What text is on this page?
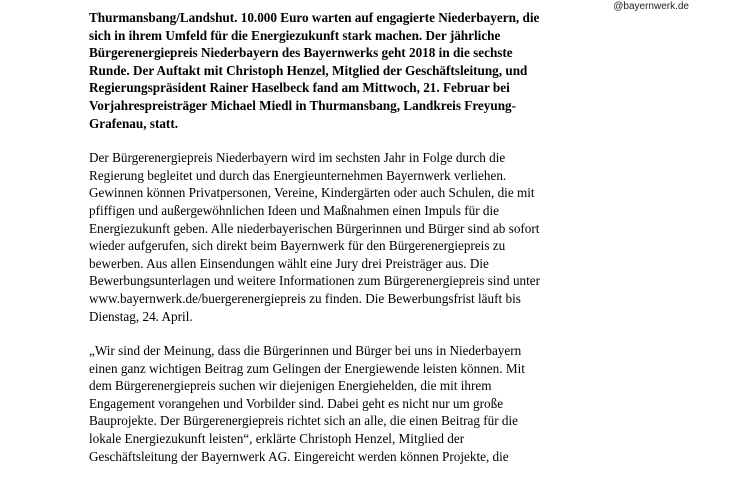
@bayernwerk.de
Thurmansbang/Landshut. 10.000 Euro warten auf engagierte Niederbayern, die
sich in ihrem Umfeld für die Energiezukunft stark machen. Der jährliche
Bürgerenergiepreis Niederbayern des Bayernwerks geht 2018 in die sechste
Runde. Der Auftakt mit Christoph Henzel, Mitglied der Geschäftsleitung, und
Regierungspräsident Rainer Haselbeck fand am Mittwoch, 21. Februar bei
Vorjahrespreisträger Michael Miedl in Thurmansbang, Landkreis Freyung-
Grafenau, statt.
Der Bürgerenergiepreis Niederbayern wird im sechsten Jahr in Folge durch die
Regierung begleitet und durch das Energieunternehmen Bayernwerk verliehen.
Gewinnen können Privatpersonen, Vereine, Kindergärten oder auch Schulen, die mit
pfiffigen und außergewöhnlichen Ideen und Maßnahmen einen Impuls für die
Energiezukunft geben. Alle niederbayerischen Bürgerinnen und Bürger sind ab sofort
wieder aufgerufen, sich direkt beim Bayernwerk für den Bürgerenergiepreis zu
bewerben. Aus allen Einsendungen wählt eine Jury drei Preisträger aus. Die
Bewerbungsunterlagen und weitere Informationen zum Bürgerenergiepreis sind unter
www.bayernwerk.de/buergerenergiepreis zu finden. Die Bewerbungsfrist läuft bis
Dienstag, 24. April.
„Wir sind der Meinung, dass die Bürgerinnen und Bürger bei uns in Niederbayern
einen ganz wichtigen Beitrag zum Gelingen der Energiewende leisten können. Mit
dem Bürgerenergiepreis suchen wir diejenigen Energiehelden, die mit ihrem
Engagement vorangehen und Vorbilder sind. Dabei geht es nicht nur um große
Bauprojekte. Der Bürgerenergiepreis richtet sich an alle, die einen Beitrag für die
lokale Energiezukunft leisten“, erklärte Christoph Henzel, Mitglied der
Geschäftsleitung der Bayernwerk AG. Eingereicht werden können Projekte, die
